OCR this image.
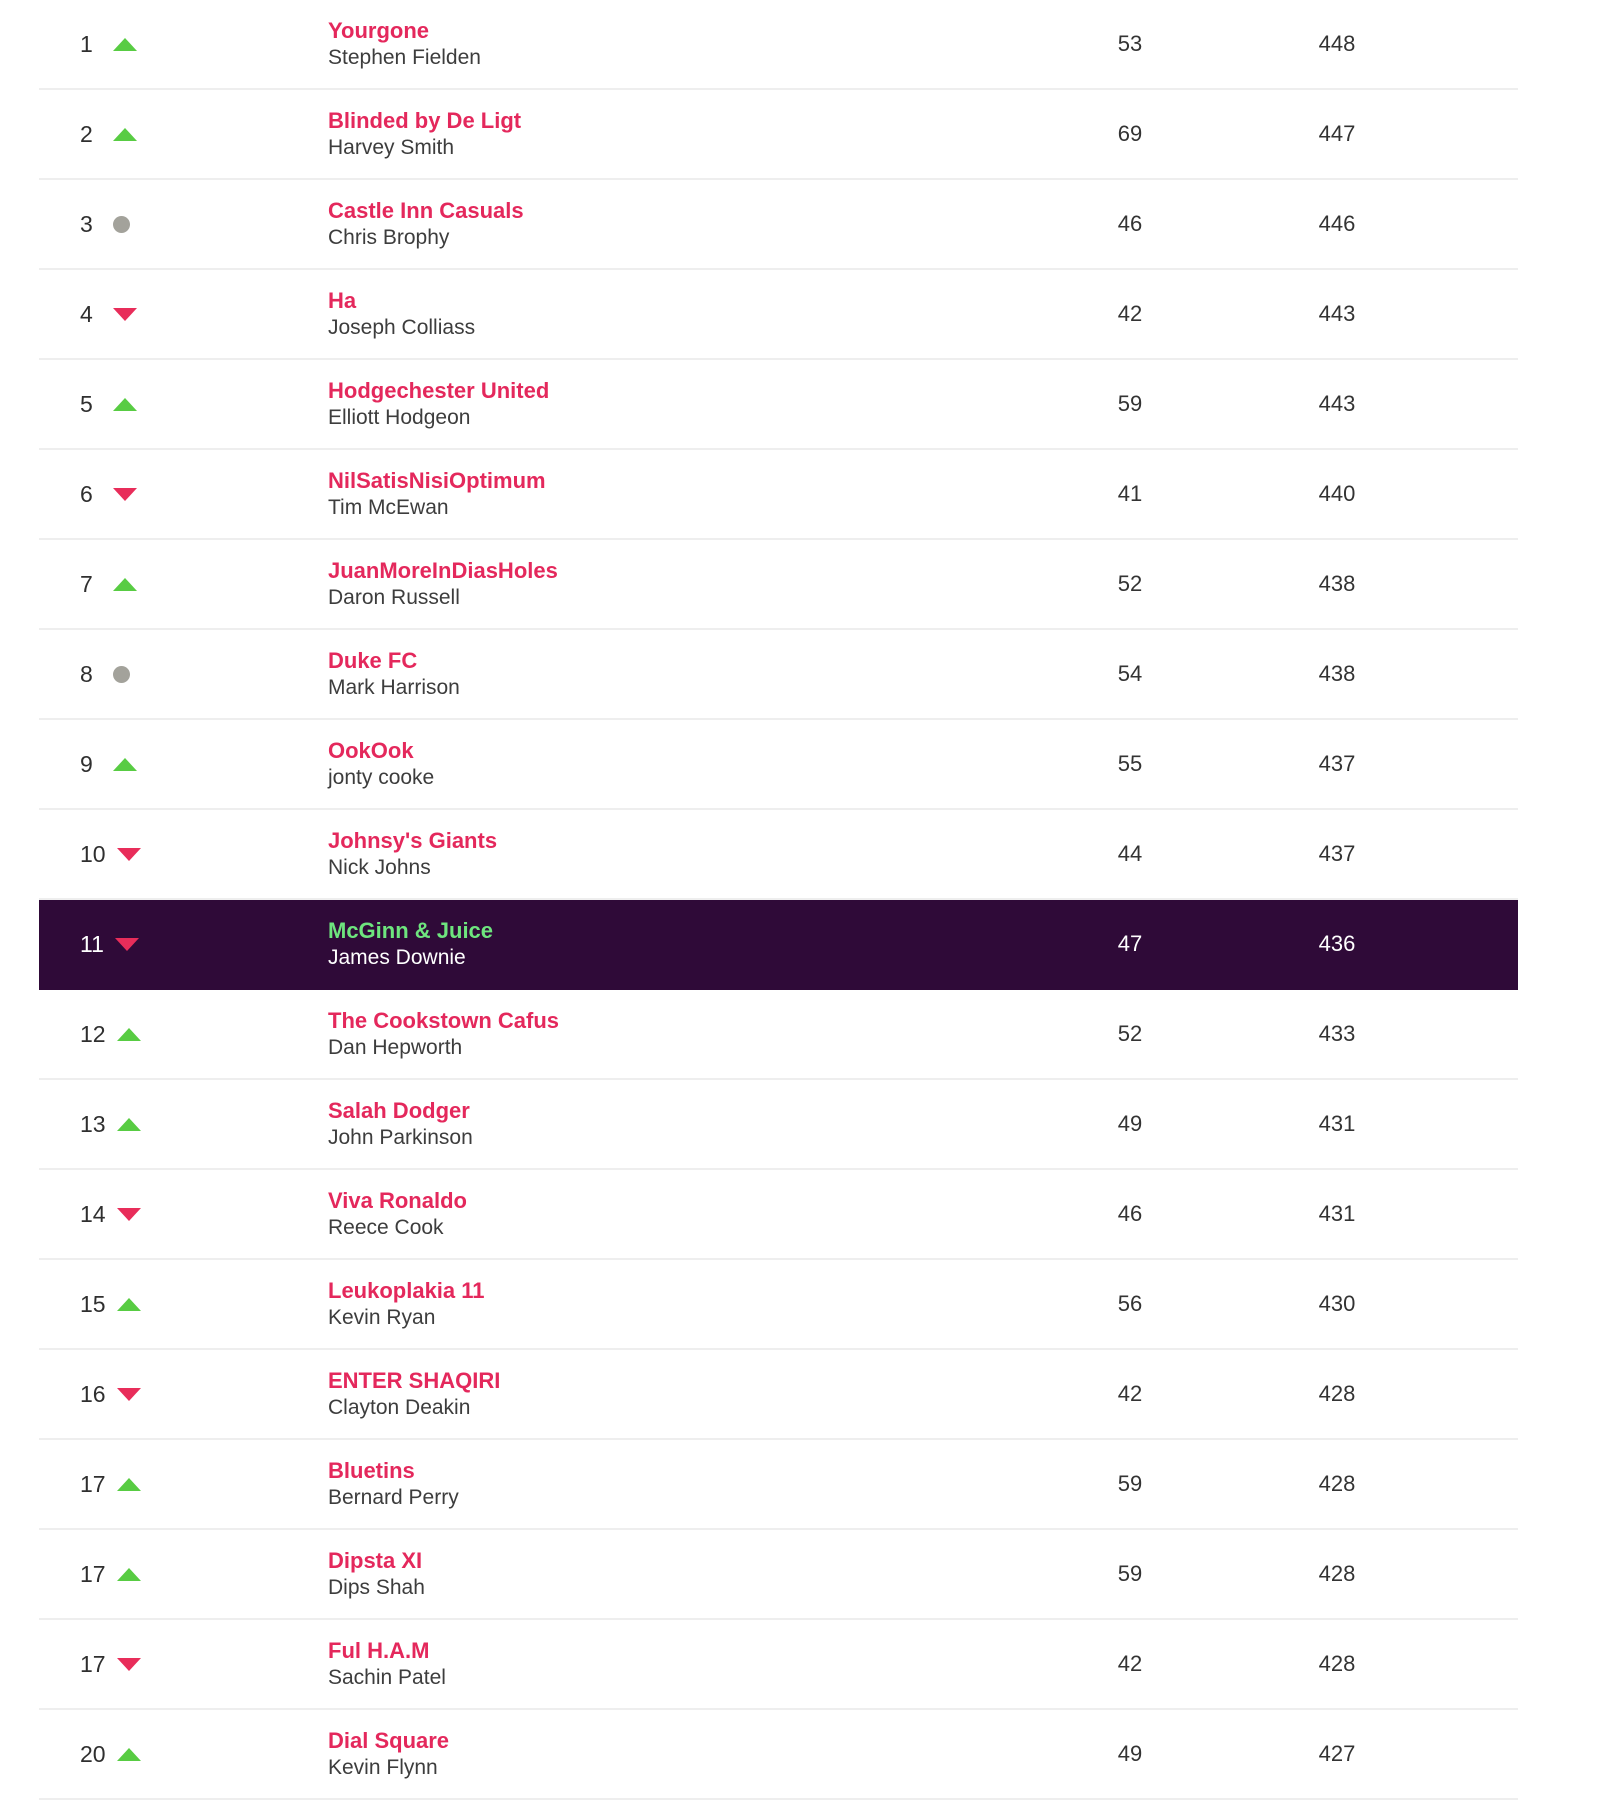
1	Yourgone
Stephen Fielden
53	448
2	Blinded by De Ligt
Harvey Smith
69	447
3	Castle Inn Casuals
Chris Brophy
46	446
4	Ha
Joseph Colliass
42	443
5	Hodgechester United
Elliott Hodgeon
59	443
6	NilSatisNisiOptimum
Tim McEwan
41	440
7	JuanMoreInDiasHoles
Daron Russell
52	438
8	Duke FC
Mark Harrison
54	438
9	OokOok
jonty cooke
55	437
10	Johnsy's Giants
Nick Johns
44	437
11	McGinn & Juice
James Downie
47	436
12	The Cookstown Cafus
Dan Hepworth
52	433
13	Salah Dodger
John Parkinson
49	431
14	Viva Ronaldo
Reece Cook
46	431
15	Leukoplakia 11
Kevin Ryan
56	430
16	ENTER SHAQIRI
Clayton Deakin
42	428
17	Bluetins
Bernard Perry
59	428
17	Dipsta XI
Dips Shah
59	428
17	Ful H.A.M
Sachin Patel
42	428
20	Dial Square
Kevin Flynn
49	427
